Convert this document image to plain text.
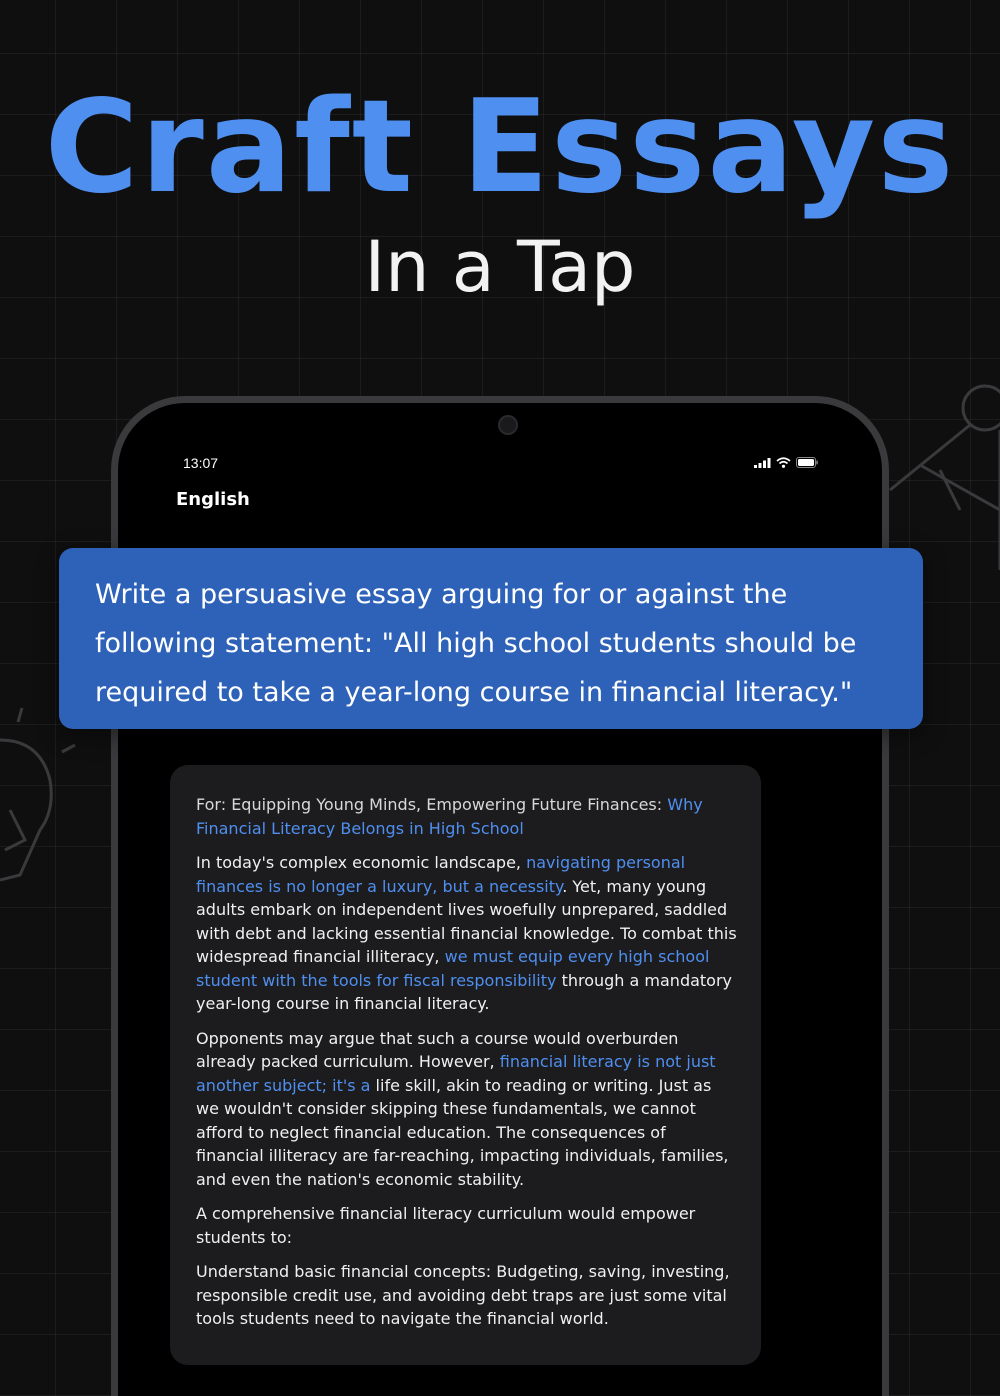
Craft Essays
In a Tap
13:07
English

Write a persuasive essay arguing for or against the following statement: "All high school students should be required to take a year-long course in financial literacy."

For: Equipping Young Minds, Empowering Future Finances: Why Financial Literacy Belongs in High School

In today's complex economic landscape, navigating personal finances is no longer a luxury, but a necessity. Yet, many young adults embark on independent lives woefully unprepared, saddled with debt and lacking essential financial knowledge. To combat this widespread financial illiteracy, we must equip every high school student with the tools for fiscal responsibility through a mandatory year-long course in financial literacy.

Opponents may argue that such a course would overburden already packed curriculum. However, financial literacy is not just another subject; it's a life skill, akin to reading or writing. Just as we wouldn't consider skipping these fundamentals, we cannot afford to neglect financial education. The consequences of financial illiteracy are far-reaching, impacting individuals, families, and even the nation's economic stability.

A comprehensive financial literacy curriculum would empower students to:

Understand basic financial concepts: Budgeting, saving, investing, responsible credit use, and avoiding debt traps are just some vital tools students need to navigate the financial world.
